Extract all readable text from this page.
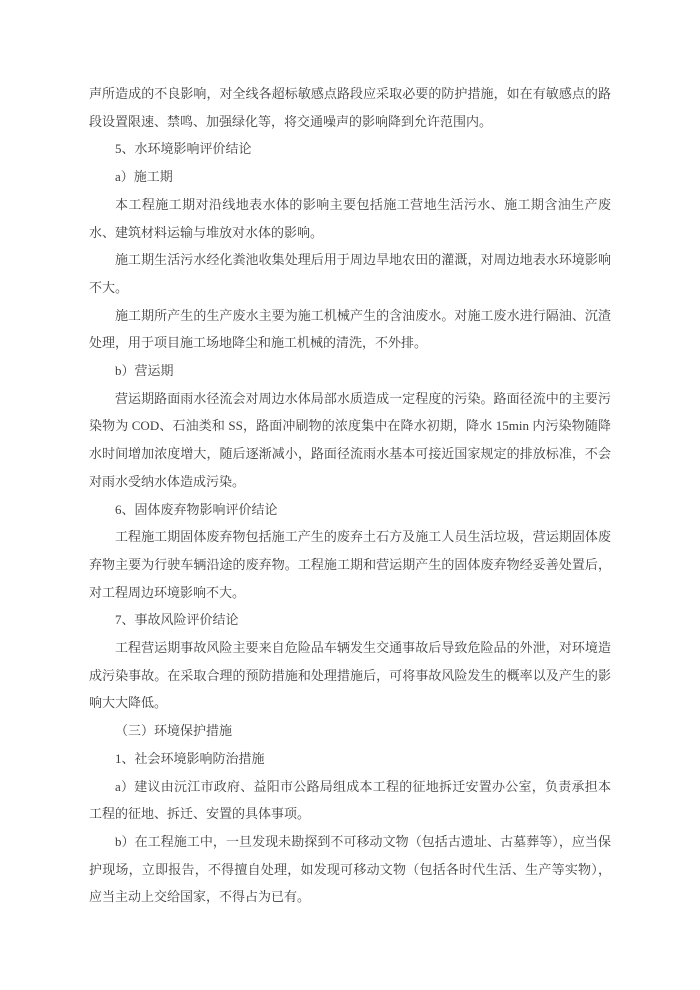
声所造成的不良影响，对全线各超标敏感点路段应采取必要的防护措施，如在有敏感点的路段设置限速、禁鸣、加强绿化等，将交通噪声的影响降到允许范围内。

5、水环境影响评价结论

a）施工期

本工程施工期对沿线地表水体的影响主要包括施工营地生活污水、施工期含油生产废水、建筑材料运输与堆放对水体的影响。

施工期生活污水经化粪池收集处理后用于周边旱地农田的灌溉，对周边地表水环境影响不大。

施工期所产生的生产废水主要为施工机械产生的含油废水。对施工废水进行隔油、沉渣处理，用于项目施工场地降尘和施工机械的清洗，不外排。

b）营运期

营运期路面雨水径流会对周边水体局部水质造成一定程度的污染。路面径流中的主要污染物为 COD、石油类和 SS，路面冲刷物的浓度集中在降水初期，降水 15min 内污染物随降水时间增加浓度增大，随后逐渐减小，路面径流雨水基本可接近国家规定的排放标准，不会对雨水受纳水体造成污染。

6、固体废弃物影响评价结论

工程施工期固体废弃物包括施工产生的废弃土石方及施工人员生活垃圾，营运期固体废弃物主要为行驶车辆沿途的废弃物。工程施工期和营运期产生的固体废弃物经妥善处置后，对工程周边环境影响不大。

7、事故风险评价结论

工程营运期事故风险主要来自危险品车辆发生交通事故后导致危险品的外泄，对环境造成污染事故。在采取合理的预防措施和处理措施后，可将事故风险发生的概率以及产生的影响大大降低。

（三）环境保护措施

1、社会环境影响防治措施

a）建议由沅江市政府、益阳市公路局组成本工程的征地拆迁安置办公室，负责承担本工程的征地、拆迁、安置的具体事项。

b）在工程施工中，一旦发现未勘探到不可移动文物（包括古遗址、古墓葬等），应当保护现场，立即报告，不得擅自处理，如发现可移动文物（包括各时代生活、生产等实物），应当主动上交给国家，不得占为已有。
